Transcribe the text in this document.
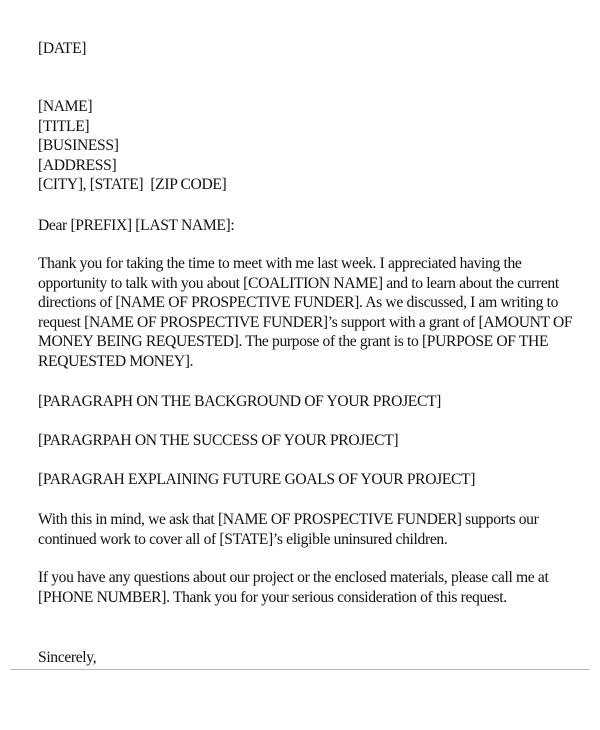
[DATE]

[NAME]
[TITLE]
[BUSINESS]
[ADDRESS]
[CITY], [STATE]  [ZIP CODE]

Dear [PREFIX] [LAST NAME]:

Thank you for taking the time to meet with me last week. I appreciated having the
opportunity to talk with you about [COALITION NAME] and to learn about the current
directions of [NAME OF PROSPECTIVE FUNDER]. As we discussed, I am writing to
request [NAME OF PROSPECTIVE FUNDER]’s support with a grant of [AMOUNT OF
MONEY BEING REQUESTED]. The purpose of the grant is to [PURPOSE OF THE
REQUESTED MONEY].

[PARAGRAPH ON THE BACKGROUND OF YOUR PROJECT]

[PARAGRPAH ON THE SUCCESS OF YOUR PROJECT]

[PARAGRAH EXPLAINING FUTURE GOALS OF YOUR PROJECT]

With this in mind, we ask that [NAME OF PROSPECTIVE FUNDER] supports our
continued work to cover all of [STATE]’s eligible uninsured children.
If you have any questions about our project or the enclosed materials, please call me at
[PHONE NUMBER]. Thank you for your serious consideration of this request.

Sincerely,
